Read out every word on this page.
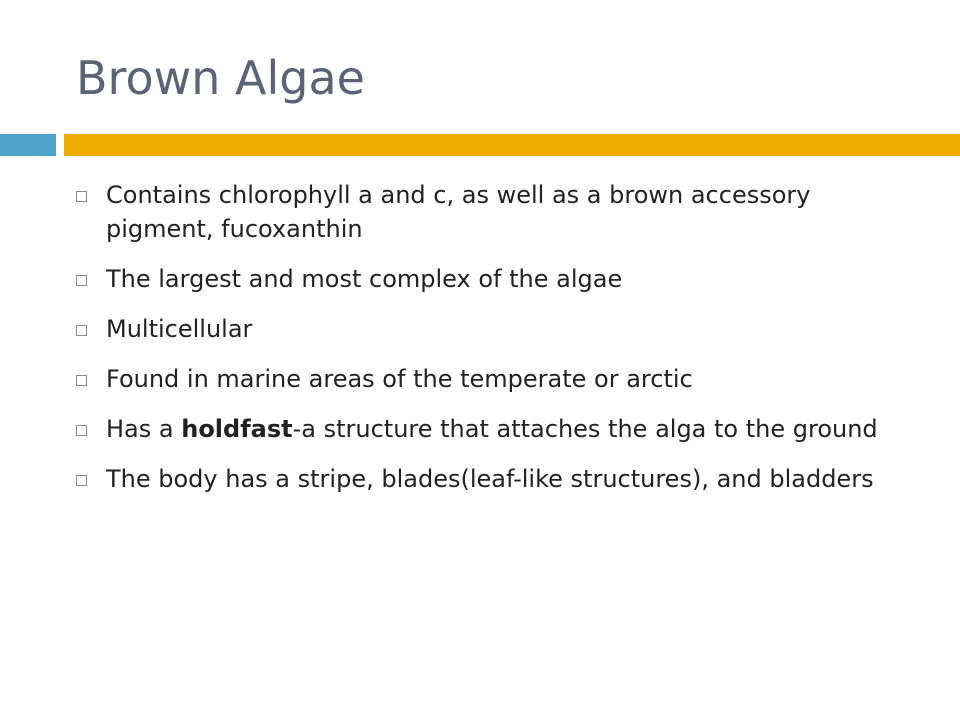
Brown Algae
Contains chlorophyll a and c, as well as a brown accessory pigment, fucoxanthin
The largest and most complex of the algae
Multicellular
Found in marine areas of the temperate or arctic
Has a holdfast-a structure that attaches the alga to the ground
The body has a stripe, blades(leaf-like structures), and bladders
